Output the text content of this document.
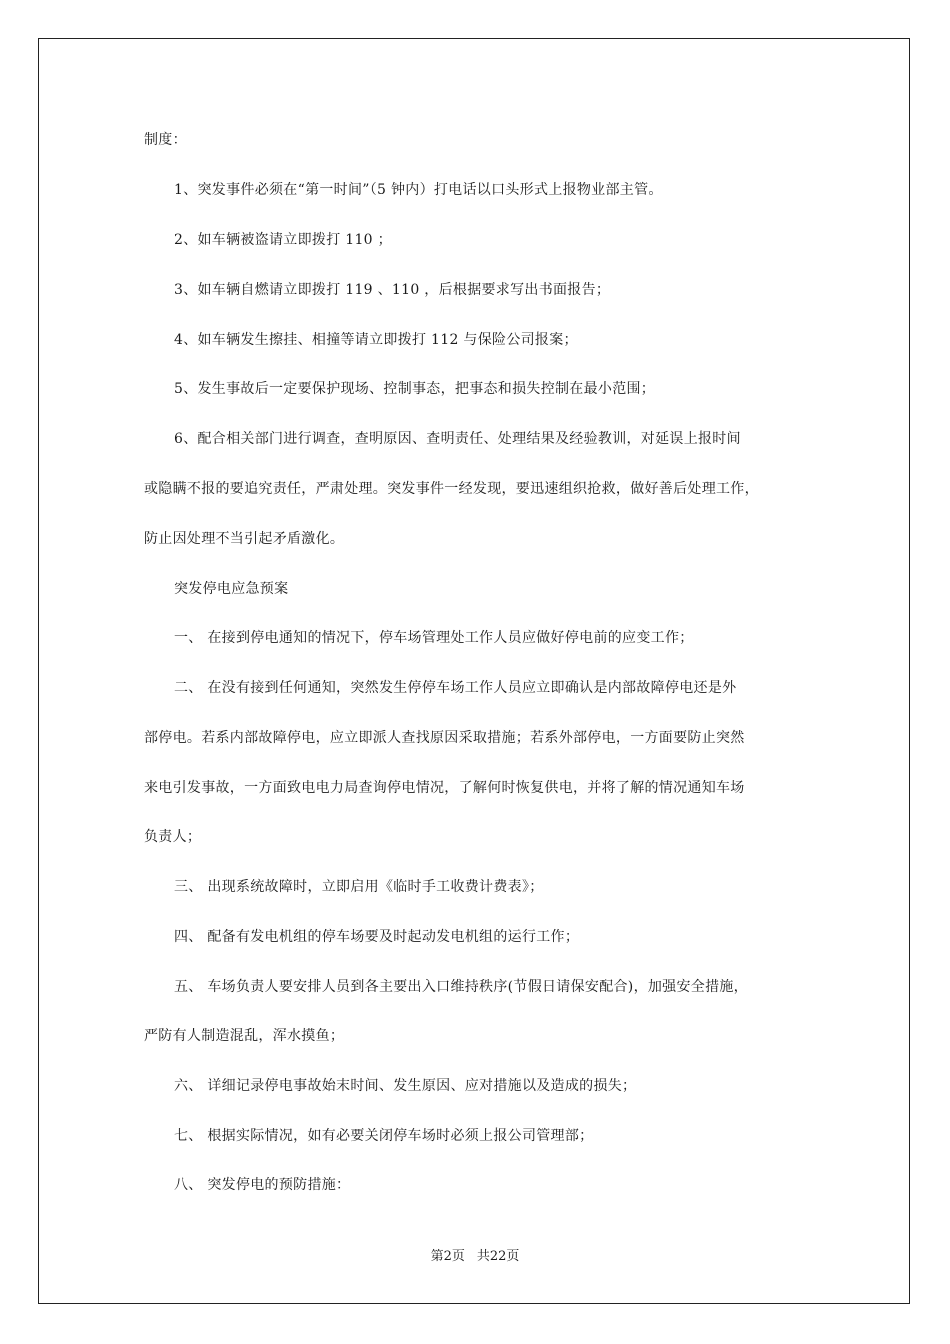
制度：
1、突发事件必须在“第一时间”（5 钟内）打电话以口头形式上报物业部主管。
2、如车辆被盗请立即拨打 110 ；
3、如车辆自燃请立即拨打 119 、110 ，后根据要求写出书面报告；
4、如车辆发生擦挂、相撞等请立即拨打 112 与保险公司报案；
5、发生事故后一定要保护现场、控制事态，把事态和损失控制在最小范围；
6、配合相关部门进行调查，查明原因、查明责任、处理结果及经验教训，对延误上报时间
或隐瞒不报的要追究责任，严肃处理。突发事件一经发现，要迅速组织抢救，做好善后处理工作，
防止因处理不当引起矛盾激化。
突发停电应急预案
一、 在接到停电通知的情况下，停车场管理处工作人员应做好停电前的应变工作；
二、 在没有接到任何通知，突然发生停停车场工作人员应立即确认是内部故障停电还是外
部停电。若系内部故障停电，应立即派人查找原因采取措施；若系外部停电，一方面要防止突然
来电引发事故，一方面致电电力局查询停电情况，了解何时恢复供电，并将了解的情况通知车场
负责人；
三、 出现系统故障时，立即启用《临时手工收费计费表》；
四、 配备有发电机组的停车场要及时起动发电机组的运行工作；
五、 车场负责人要安排人员到各主要出入口维持秩序(节假日请保安配合)，加强安全措施，
严防有人制造混乱，浑水摸鱼；
六、 详细记录停电事故始末时间、发生原因、应对措施以及造成的损失；
七、 根据实际情况，如有必要关闭停车场时必须上报公司管理部；
八、 突发停电的预防措施：
第2页 共22页
